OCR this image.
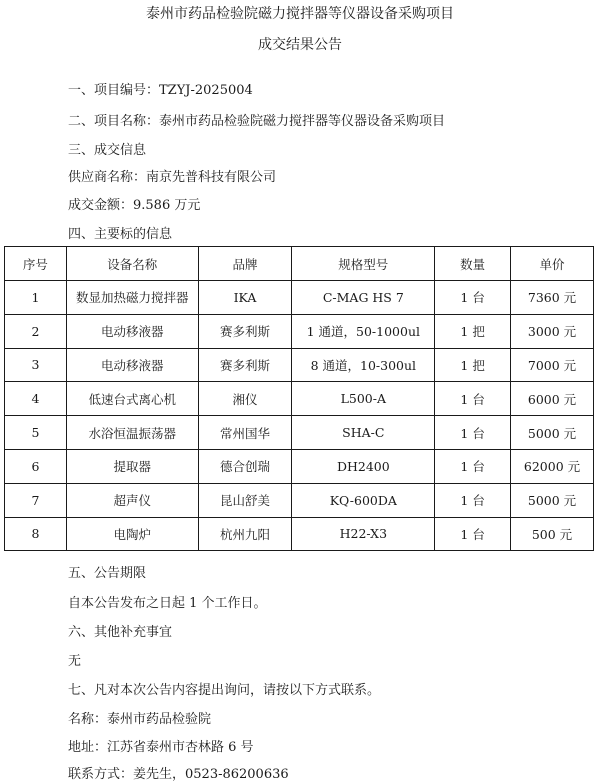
泰州市药品检验院磁力搅拌器等仪器设备采购项目
成交结果公告
一、项目编号：TZYJ-2025004
二、项目名称：泰州市药品检验院磁力搅拌器等仪器设备采购项目
三、成交信息
供应商名称：南京先普科技有限公司
成交金额：9.586 万元
四、主要标的信息
序号	设备名称	品牌	规格型号	数量	单价
1	数显加热磁力搅拌器	IKA	C-MAG HS 7	1 台	7360 元
2	电动移液器	赛多利斯	1 通道，50-1000ul	1 把	3000 元
3	电动移液器	赛多利斯	8 通道，10-300ul	1 把	7000 元
4	低速台式离心机	湘仪	L500-A	1 台	6000 元
5	水浴恒温振荡器	常州国华	SHA-C	1 台	5000 元
6	提取器	德合创瑞	DH2400	1 台	62000 元
7	超声仪	昆山舒美	KQ-600DA	1 台	5000 元
8	电陶炉	杭州九阳	H22-X3	1 台	500 元
五、公告期限
自本公告发布之日起 1 个工作日。
六、其他补充事宜
无
七、凡对本次公告内容提出询问，请按以下方式联系。
名称：泰州市药品检验院
地址：江苏省泰州市杏林路 6 号
联系方式：姜先生，0523-86200636
